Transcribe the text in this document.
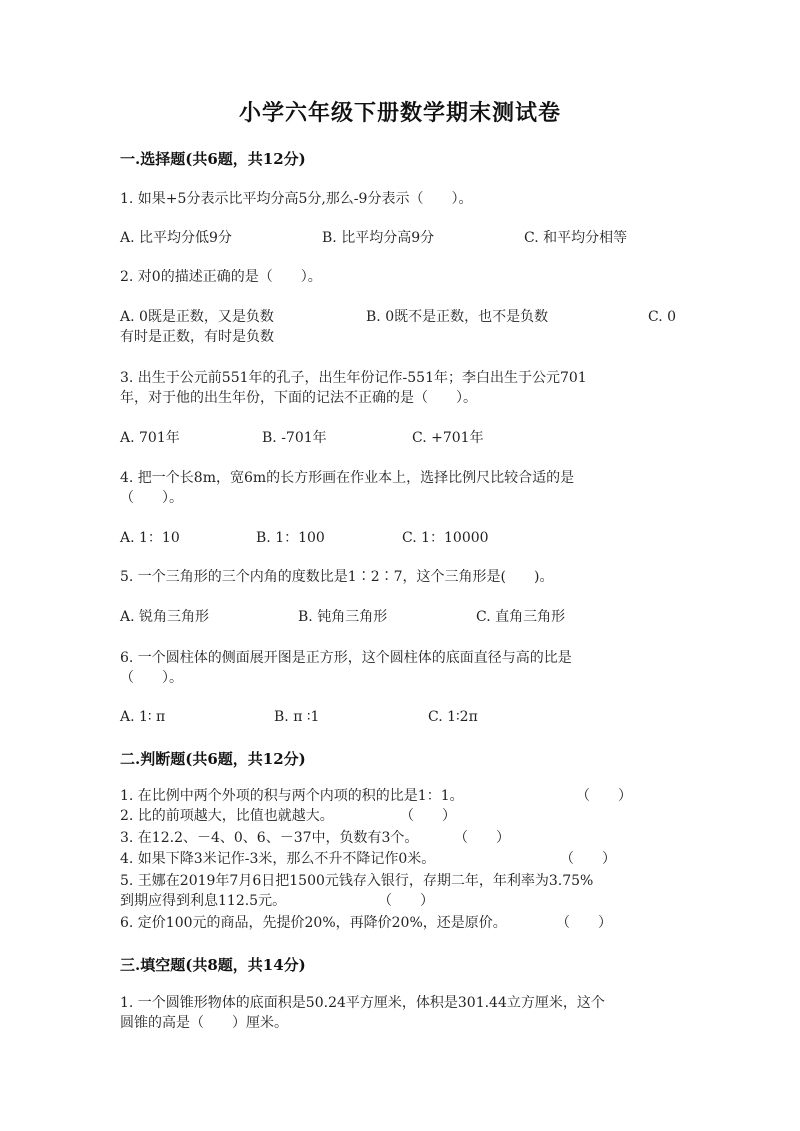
小学六年级下册数学期末测试卷
一.选择题(共6题，共12分)
1. 如果+5分表示比平均分高5分,那么-9分表示（　　）。
A. 比平均分低9分	B. 比平均分高9分	C. 和平均分相等
2. 对0的描述正确的是（　　）。
A. 0既是正数，又是负数	B. 0既不是正数，也不是负数	C. 0
有时是正数，有时是负数
3. 出生于公元前551年的孔子，出生年份记作-551年；李白出生于公元701
年，对于他的出生年份，下面的记法不正确的是（　　）。
A. 701年	B. -701年	C. +701年
4. 把一个长8m，宽6m的长方形画在作业本上，选择比例尺比较合适的是
（　　）。
A. 1：10	B. 1：100	C. 1：10000
5. 一个三角形的三个内角的度数比是1∶2∶7，这个三角形是(　　)。
A. 锐角三角形	B. 钝角三角形	C. 直角三角形
6. 一个圆柱体的侧面展开图是正方形，这个圆柱体的底面直径与高的比是
（　　）。
A. 1∶ π	B. π ∶1	C. 1∶2π
二.判断题(共6题，共12分)
1. 在比例中两个外项的积与两个内项的积的比是1：1。	（　　）
2. 比的前项越大，比值也就越大。	（　　）
3. 在12.2、－4、0、6、－37中，负数有3个。	（　　）
4. 如果下降3米记作-3米，那么不升不降记作0米。	（　　）
5. 王娜在2019年7月6日把1500元钱存入银行，存期二年，年利率为3.75%
到期应得到利息112.5元。	（　　）
6. 定价100元的商品，先提价20%，再降价20%，还是原价。	（　　）
三.填空题(共8题，共14分)
1. 一个圆锥形物体的底面积是50.24平方厘米，体积是301.44立方厘米，这个
圆锥的高是（　　）厘米。
